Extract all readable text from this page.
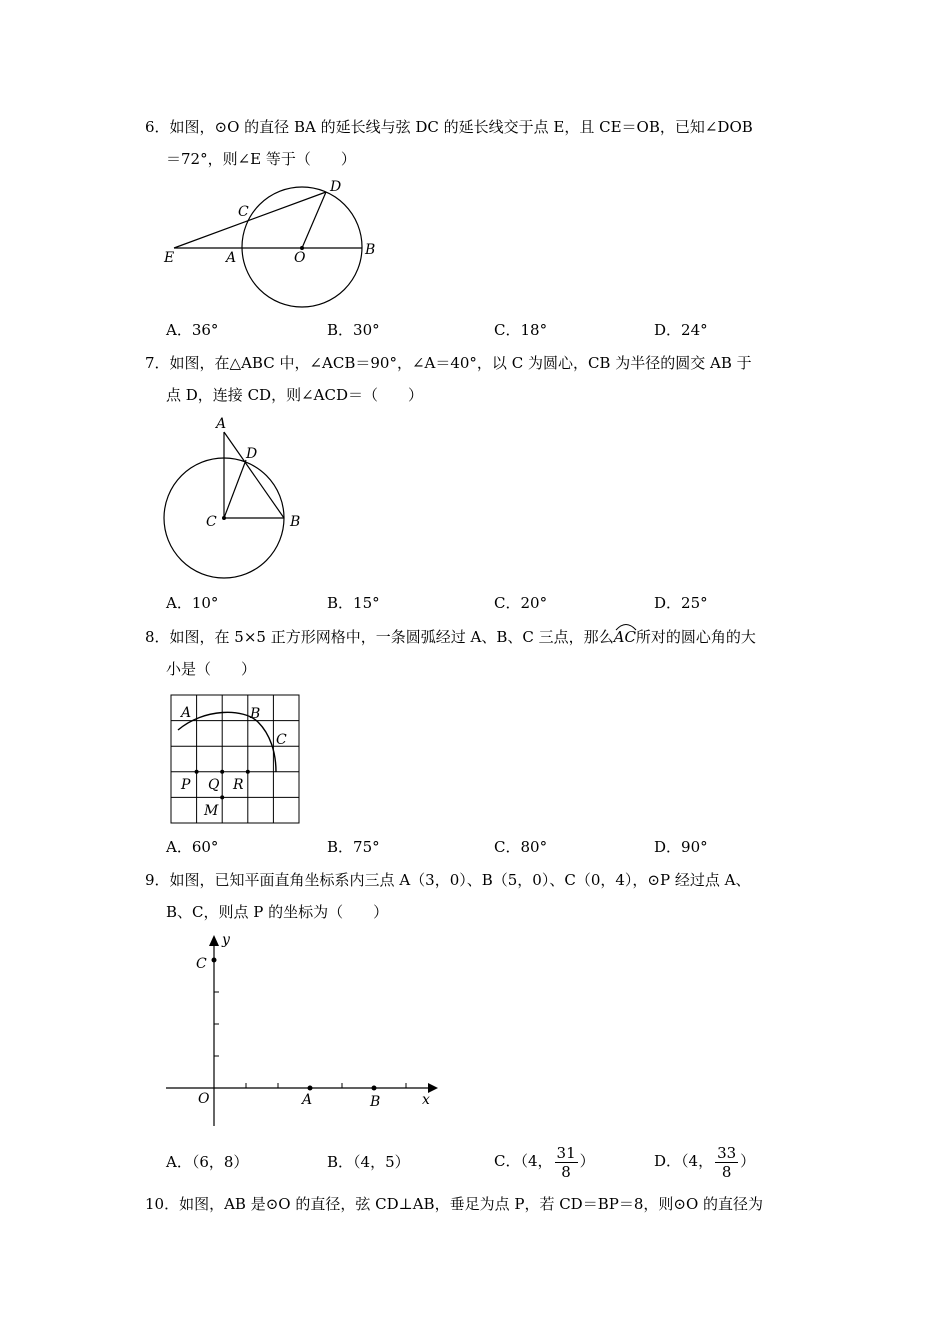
6．如图，⊙O 的直径 BA 的延长线与弦 DC 的延长线交于点 E，且 CE＝OB，已知∠DOB
＝72°，则∠E 等于（　　）
D
C
E	A	O	B
A．36°	B．30°	C．18°	D．24°
7．如图，在△ABC 中，∠ACB＝90°，∠A＝40°，以 C 为圆心，CB 为半径的圆交 AB 于
点 D，连接 CD，则∠ACD＝（　　）
A
D
C	B
A．10°	B．15°	C．20°	D．25°
8．如图，在 5×5 正方形网格中，一条圆弧经过 A、B、C 三点，那么
AC所对的圆心角的大
小是（　　）
A	B
C
P Q R
M
A．60°	B．75°	C．80°	D．90°
9．如图，已知平面直角坐标系内三点 A（3，0）、B（5，0）、C（0，4），⊙P 经过点 A、
B、C，则点 P 的坐标为（　　）
y
C
O	A	B	x
A．（6，8）	B．（4，5）	C．（4， $\frac{31}{8}$ ）	D．（4， $\frac{33}{8}$ ）
10．如图，AB 是⊙O 的直径，弦 CD⊥AB，垂足为点 P，若 CD＝BP＝8，则⊙O 的直径为
